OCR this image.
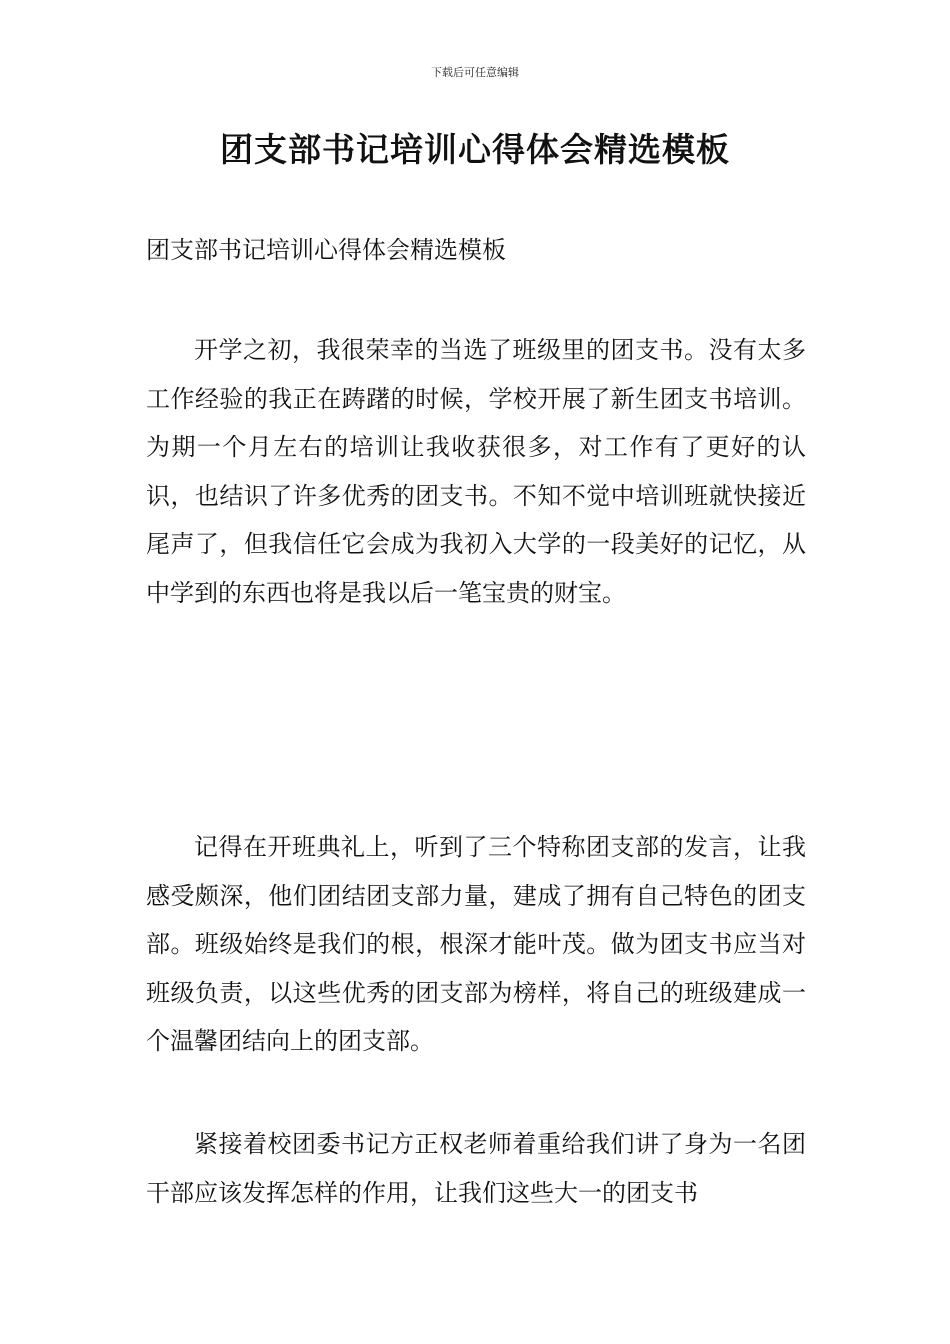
下载后可任意编辑
团支部书记培训心得体会精选模板

团支部书记培训心得体会精选模板

开学之初，我很荣幸的当选了班级里的团支书。没有太多工作经验的我正在踌躇的时候，学校开展了新生团支书培训。为期一个月左右的培训让我收获很多，对工作有了更好的认识，也结识了许多优秀的团支书。不知不觉中培训班就快接近尾声了，但我信任它会成为我初入大学的一段美好的记忆，从中学到的东西也将是我以后一笔宝贵的财宝。

记得在开班典礼上，听到了三个特称团支部的发言，让我感受颇深，他们团结团支部力量，建成了拥有自己特色的团支部。班级始终是我们的根，根深才能叶茂。做为团支书应当对班级负责，以这些优秀的团支部为榜样，将自己的班级建成一个温馨团结向上的团支部。

紧接着校团委书记方正权老师着重给我们讲了身为一名团干部应该发挥怎样的作用，让我们这些大一的团支书
